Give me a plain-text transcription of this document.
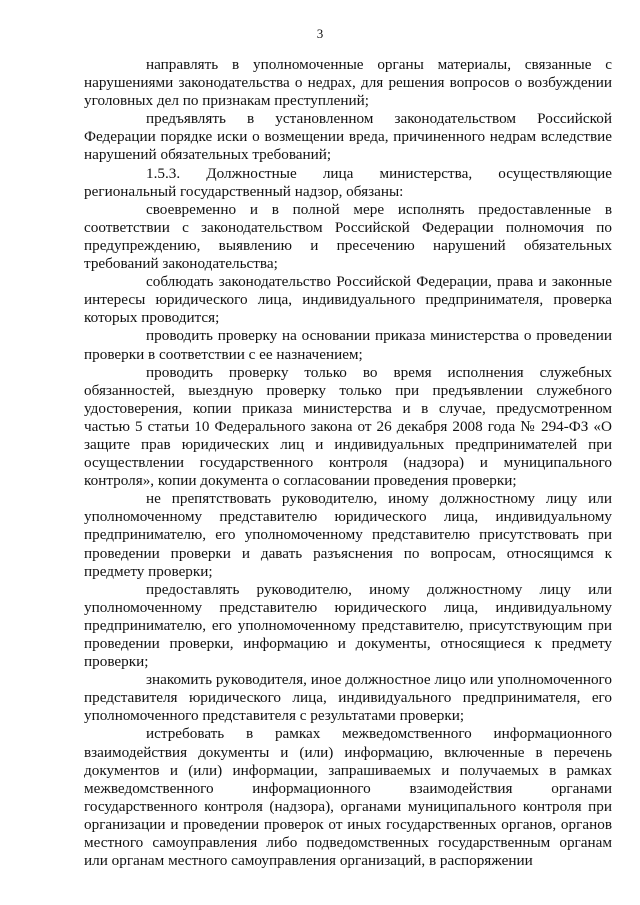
3

направлять в уполномоченные органы материалы, связанные с нарушениями законодательства о недрах, для решения вопросов о возбуждении уголовных дел по признакам преступлений;

предъявлять в установленном законодательством Российской Федерации порядке иски о возмещении вреда, причиненного недрам вследствие нарушений обязательных требований;

1.5.3. Должностные лица министерства, осуществляющие региональный государственный надзор, обязаны:

своевременно и в полной мере исполнять предоставленные в соответствии с законодательством Российской Федерации полномочия по предупреждению, выявлению и пресечению нарушений обязательных требований законодательства;

соблюдать законодательство Российской Федерации, права и законные интересы юридического лица, индивидуального предпринимателя, проверка которых проводится;

проводить проверку на основании приказа министерства о проведении проверки в соответствии с ее назначением;

проводить проверку только во время исполнения служебных обязанностей, выездную проверку только при предъявлении служебного удостоверения, копии приказа министерства и в случае, предусмотренном частью 5 статьи 10 Федерального закона от 26 декабря 2008 года № 294-ФЗ «О защите прав юридических лиц и индивидуальных предпринимателей при осуществлении государственного контроля (надзора) и муниципального контроля», копии документа о согласовании проведения проверки;

не препятствовать руководителю, иному должностному лицу или уполномоченному представителю юридического лица, индивидуальному предпринимателю, его уполномоченному представителю присутствовать при проведении проверки и давать разъяснения по вопросам, относящимся к предмету проверки;

предоставлять руководителю, иному должностному лицу или уполномоченному представителю юридического лица, индивидуальному предпринимателю, его уполномоченному представителю, присутствующим при проведении проверки, информацию и документы, относящиеся к предмету проверки;

знакомить руководителя, иное должностное лицо или уполномоченного представителя юридического лица, индивидуального предпринимателя, его уполномоченного представителя с результатами проверки;

истребовать в рамках межведомственного информационного взаимодействия документы и (или) информацию, включенные в перечень документов и (или) информации, запрашиваемых и получаемых в рамках межведомственного информационного взаимодействия органами государственного контроля (надзора), органами муниципального контроля при организации и проведении проверок от иных государственных органов, органов местного самоуправления либо подведомственных государственным органам или органам местного самоуправления организаций, в распоряжении
